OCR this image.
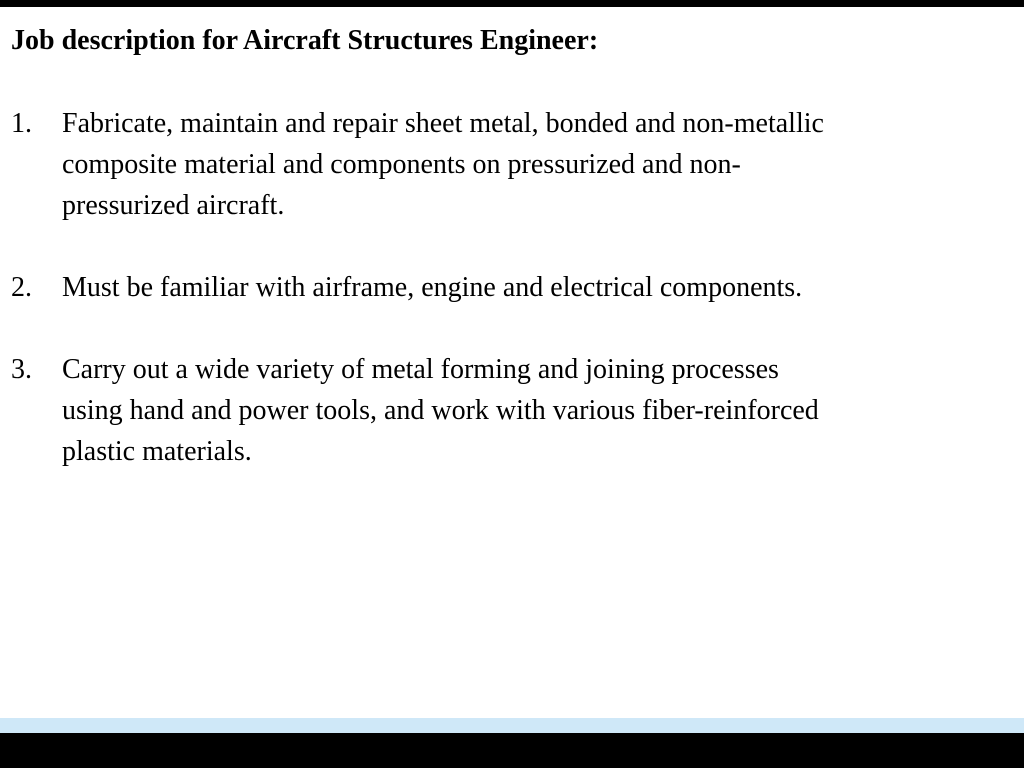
Job description for Aircraft Structures Engineer:
1. Fabricate, maintain and repair sheet metal, bonded and non-metallic
composite material and components on pressurized and non-
pressurized aircraft.
2. Must be familiar with airframe, engine and electrical components.
3. Carry out a wide variety of metal forming and joining processes
using hand and power tools, and work with various fiber-reinforced
plastic materials.
